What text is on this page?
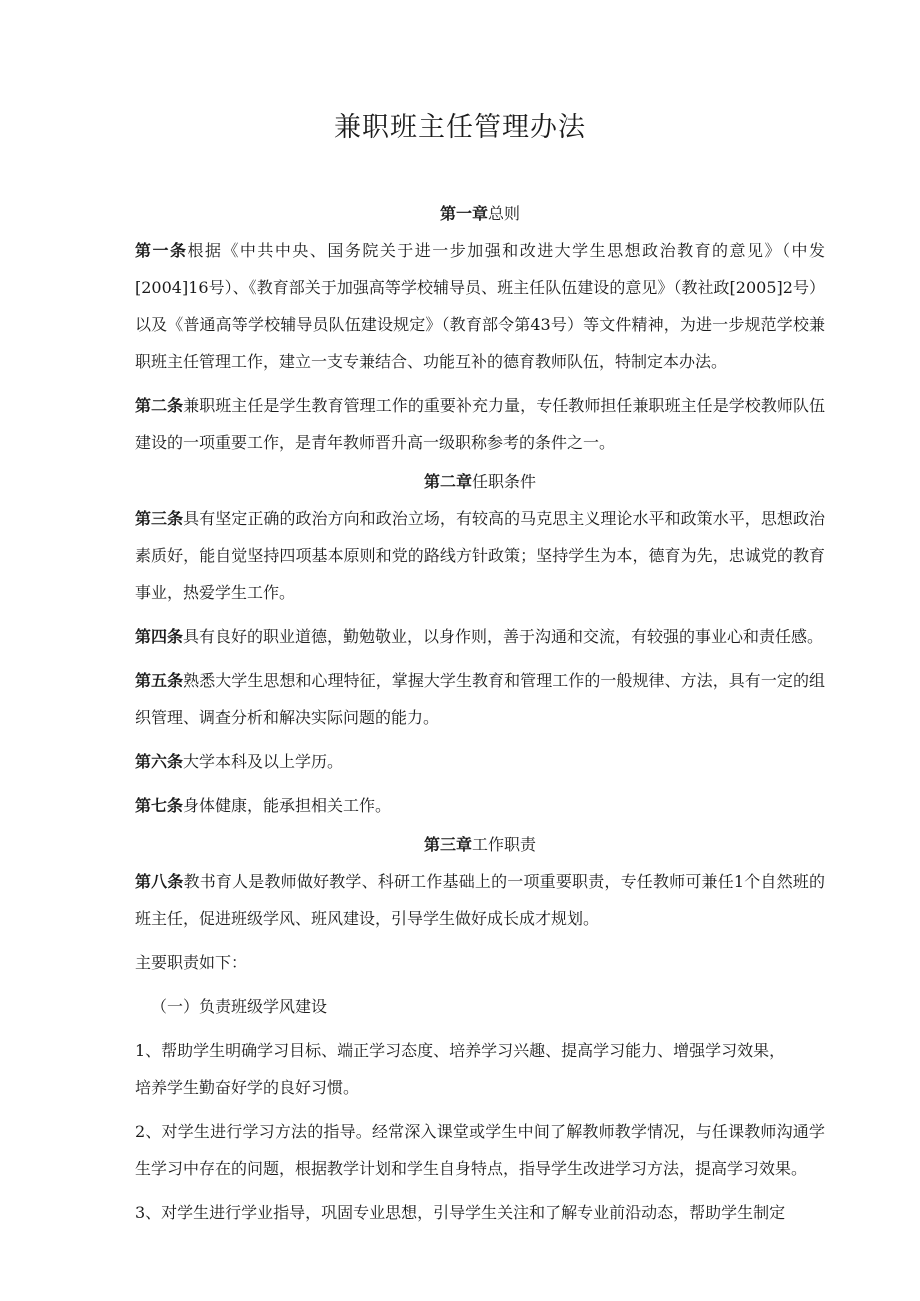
兼职班主任管理办法
第一章总则

第一条根据《中共中央、国务院关于进一步加强和改进大学生思想政治教育的意见》（中发[2004]16号）、《教育部关于加强高等学校辅导员、班主任队伍建设的意见》（教社政[2005]2号）以及《普通高等学校辅导员队伍建设规定》（教育部令第43号）等文件精神，为进一步规范学校兼职班主任管理工作，建立一支专兼结合、功能互补的德育教师队伍，特制定本办法。

第二条兼职班主任是学生教育管理工作的重要补充力量，专任教师担任兼职班主任是学校教师队伍建设的一项重要工作，是青年教师晋升高一级职称参考的条件之一。

第二章任职条件

第三条具有坚定正确的政治方向和政治立场，有较高的马克思主义理论水平和政策水平，思想政治素质好，能自觉坚持四项基本原则和党的路线方针政策；坚持学生为本，德育为先，忠诚党的教育事业，热爱学生工作。

第四条具有良好的职业道德，勤勉敬业，以身作则，善于沟通和交流，有较强的事业心和责任感。

第五条熟悉大学生思想和心理特征，掌握大学生教育和管理工作的一般规律、方法，具有一定的组织管理、调查分析和解决实际问题的能力。

第六条大学本科及以上学历。

第七条身体健康，能承担相关工作。

第三章工作职责

第八条教书育人是教师做好教学、科研工作基础上的一项重要职责，专任教师可兼任1个自然班的班主任，促进班级学风、班风建设，引导学生做好成长成才规划。

主要职责如下：

（一）负责班级学风建设

1、帮助学生明确学习目标、端正学习态度、培养学习兴趣、提高学习能力、增强学习效果，

培养学生勤奋好学的良好习惯。

2、对学生进行学习方法的指导。经常深入课堂或学生中间了解教师教学情况，与任课教师沟通学生学习中存在的问题，根据教学计划和学生自身特点，指导学生改进学习方法，提高学习效果。

3、对学生进行学业指导，巩固专业思想，引导学生关注和了解专业前沿动态，帮助学生制定
